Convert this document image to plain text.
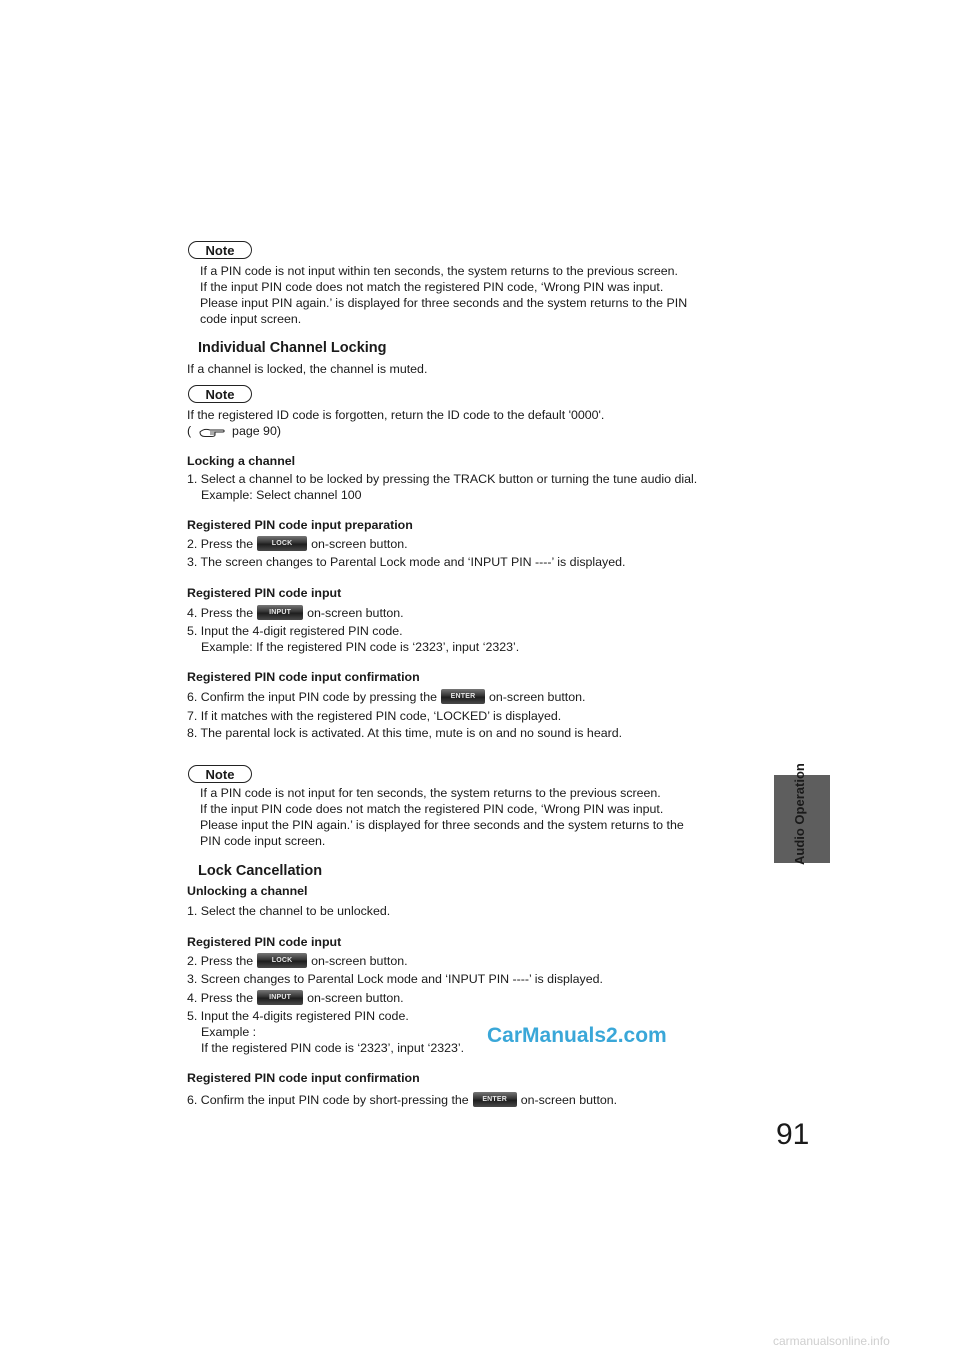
Audio Operation
91
Note
If a PIN code is not input within ten seconds, the system returns to the previous screen.
If the input PIN code does not match the registered PIN code, ‘Wrong PIN was input.
Please input PIN again.’ is displayed for three seconds and the system returns to the PIN
code input screen.
Individual Channel Locking
If a channel is locked, the channel is muted.
Note
If the registered ID code is forgotten, return the ID code to the default '0000'.
(	page 90)
Locking a channel
1. Select a channel to be locked by pressing the TRACK button or turning the tune audio dial.
Example: Select channel 100
Registered PIN code input preparation
2. Press the	LOCK on-screen button.
3. The screen changes to Parental Lock mode and ‘INPUT PIN ----’ is displayed.
Registered PIN code input
4. Press the INPUT on-screen button.
5. Input the 4-digit registered PIN code.
Example: If the registered PIN code is ‘2323’, input ‘2323’.
Registered PIN code input confirmation
6. Confirm the input PIN code by pressing the ENTER on-screen button.
7. If it matches with the registered PIN code, ‘LOCKED’ is displayed.
8. The parental lock is activated. At this time, mute is on and no sound is heard.
Note
If a PIN code is not input for ten seconds, the system returns to the previous screen.
If the input PIN code does not match the registered PIN code, ‘Wrong PIN was input.
Please input the PIN again.’ is displayed for three seconds and the system returns to the
PIN code input screen.
Lock Cancellation
Unlocking a channel
1. Select the channel to be unlocked.
Registered PIN code input
2. Press the	LOCK on-screen button.
3. Screen changes to Parental Lock mode and ‘INPUT PIN ----’ is displayed.
4. Press the INPUT on-screen button.
5. Input the 4-digits registered PIN code.
Example :
If the registered PIN code is ‘2323’, input ‘2323’.
Registered PIN code input confirmation
6. Confirm the input PIN code by short-pressing the ENTER on-screen button.
CarManuals2.com
carmanualsonline.info
